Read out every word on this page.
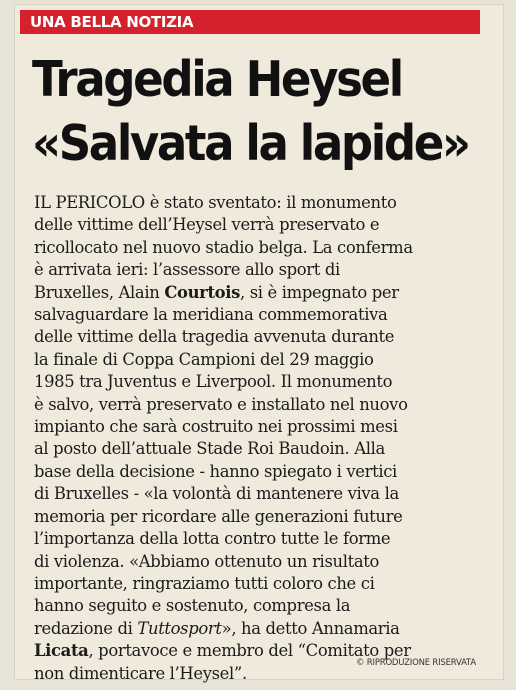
UNA BELLA NOTIZIA
Tragedia Heysel
«Salvata la lapide»

IL PERICOLO è stato sventato: il monumento
delle vittime dell’Heysel verrà preservato e
ricollocato nel nuovo stadio belga. La conferma
è arrivata ieri: l’assessore allo sport di
Bruxelles, Alain Courtois, si è impegnato per
salvaguardare la meridiana commemorativa
delle vittime della tragedia avvenuta durante
la finale di Coppa Campioni del 29 maggio
1985 tra Juventus e Liverpool. Il monumento
è salvo, verrà preservato e installato nel nuovo
impianto che sarà costruito nei prossimi mesi
al posto dell’attuale Stade Roi Baudoin. Alla
base della decisione - hanno spiegato i vertici
di Bruxelles - «la volontà di mantenere viva la
memoria per ricordare alle generazioni future
l’importanza della lotta contro tutte le forme
di violenza. «Abbiamo ottenuto un risultato
importante, ringraziamo tutti coloro che ci
hanno seguito e sostenuto, compresa la
redazione di Tuttosport», ha detto Annamaria
Licata, portavoce e membro del “Comitato per
non dimenticare l’Heysel”.

© RIPRODUZIONE RISERVATA
